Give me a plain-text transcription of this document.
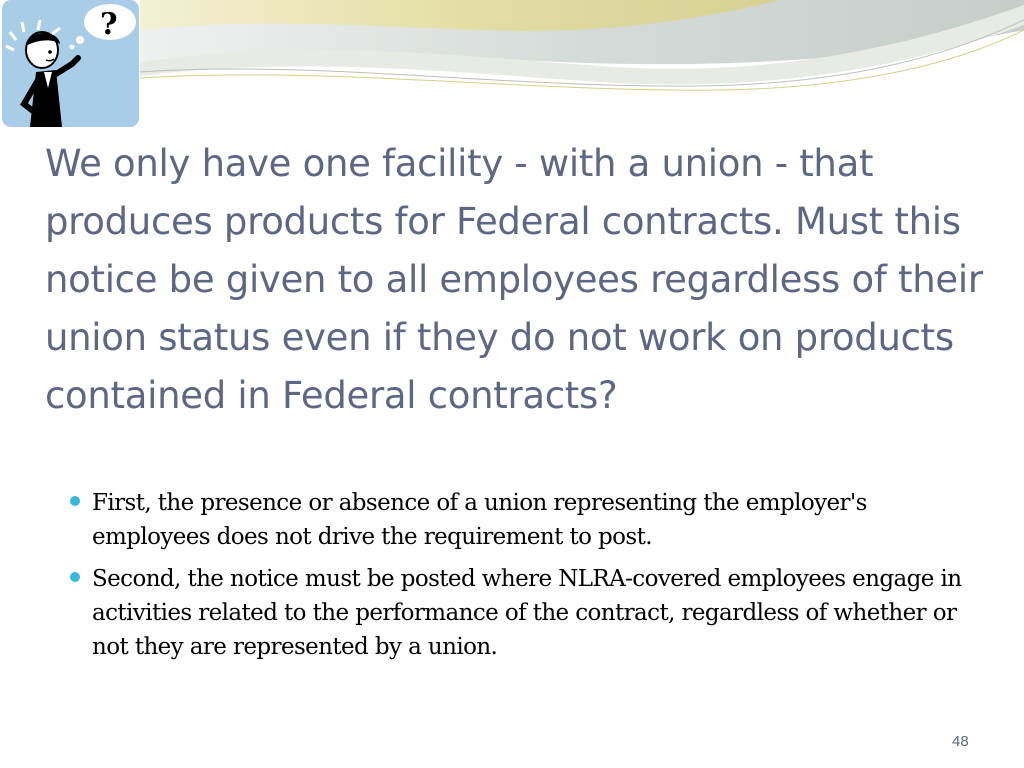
?
We only have one facility - with a union - that produces products for Federal contracts. Must this notice be given to all employees regardless of their union status even if they do not work on products contained in Federal contracts?
First, the presence or absence of a union representing the employer's employees does not drive the requirement to post.
Second, the notice must be posted where NLRA-covered employees engage in activities related to the performance of the contract, regardless of whether or not they are represented by a union.
48
